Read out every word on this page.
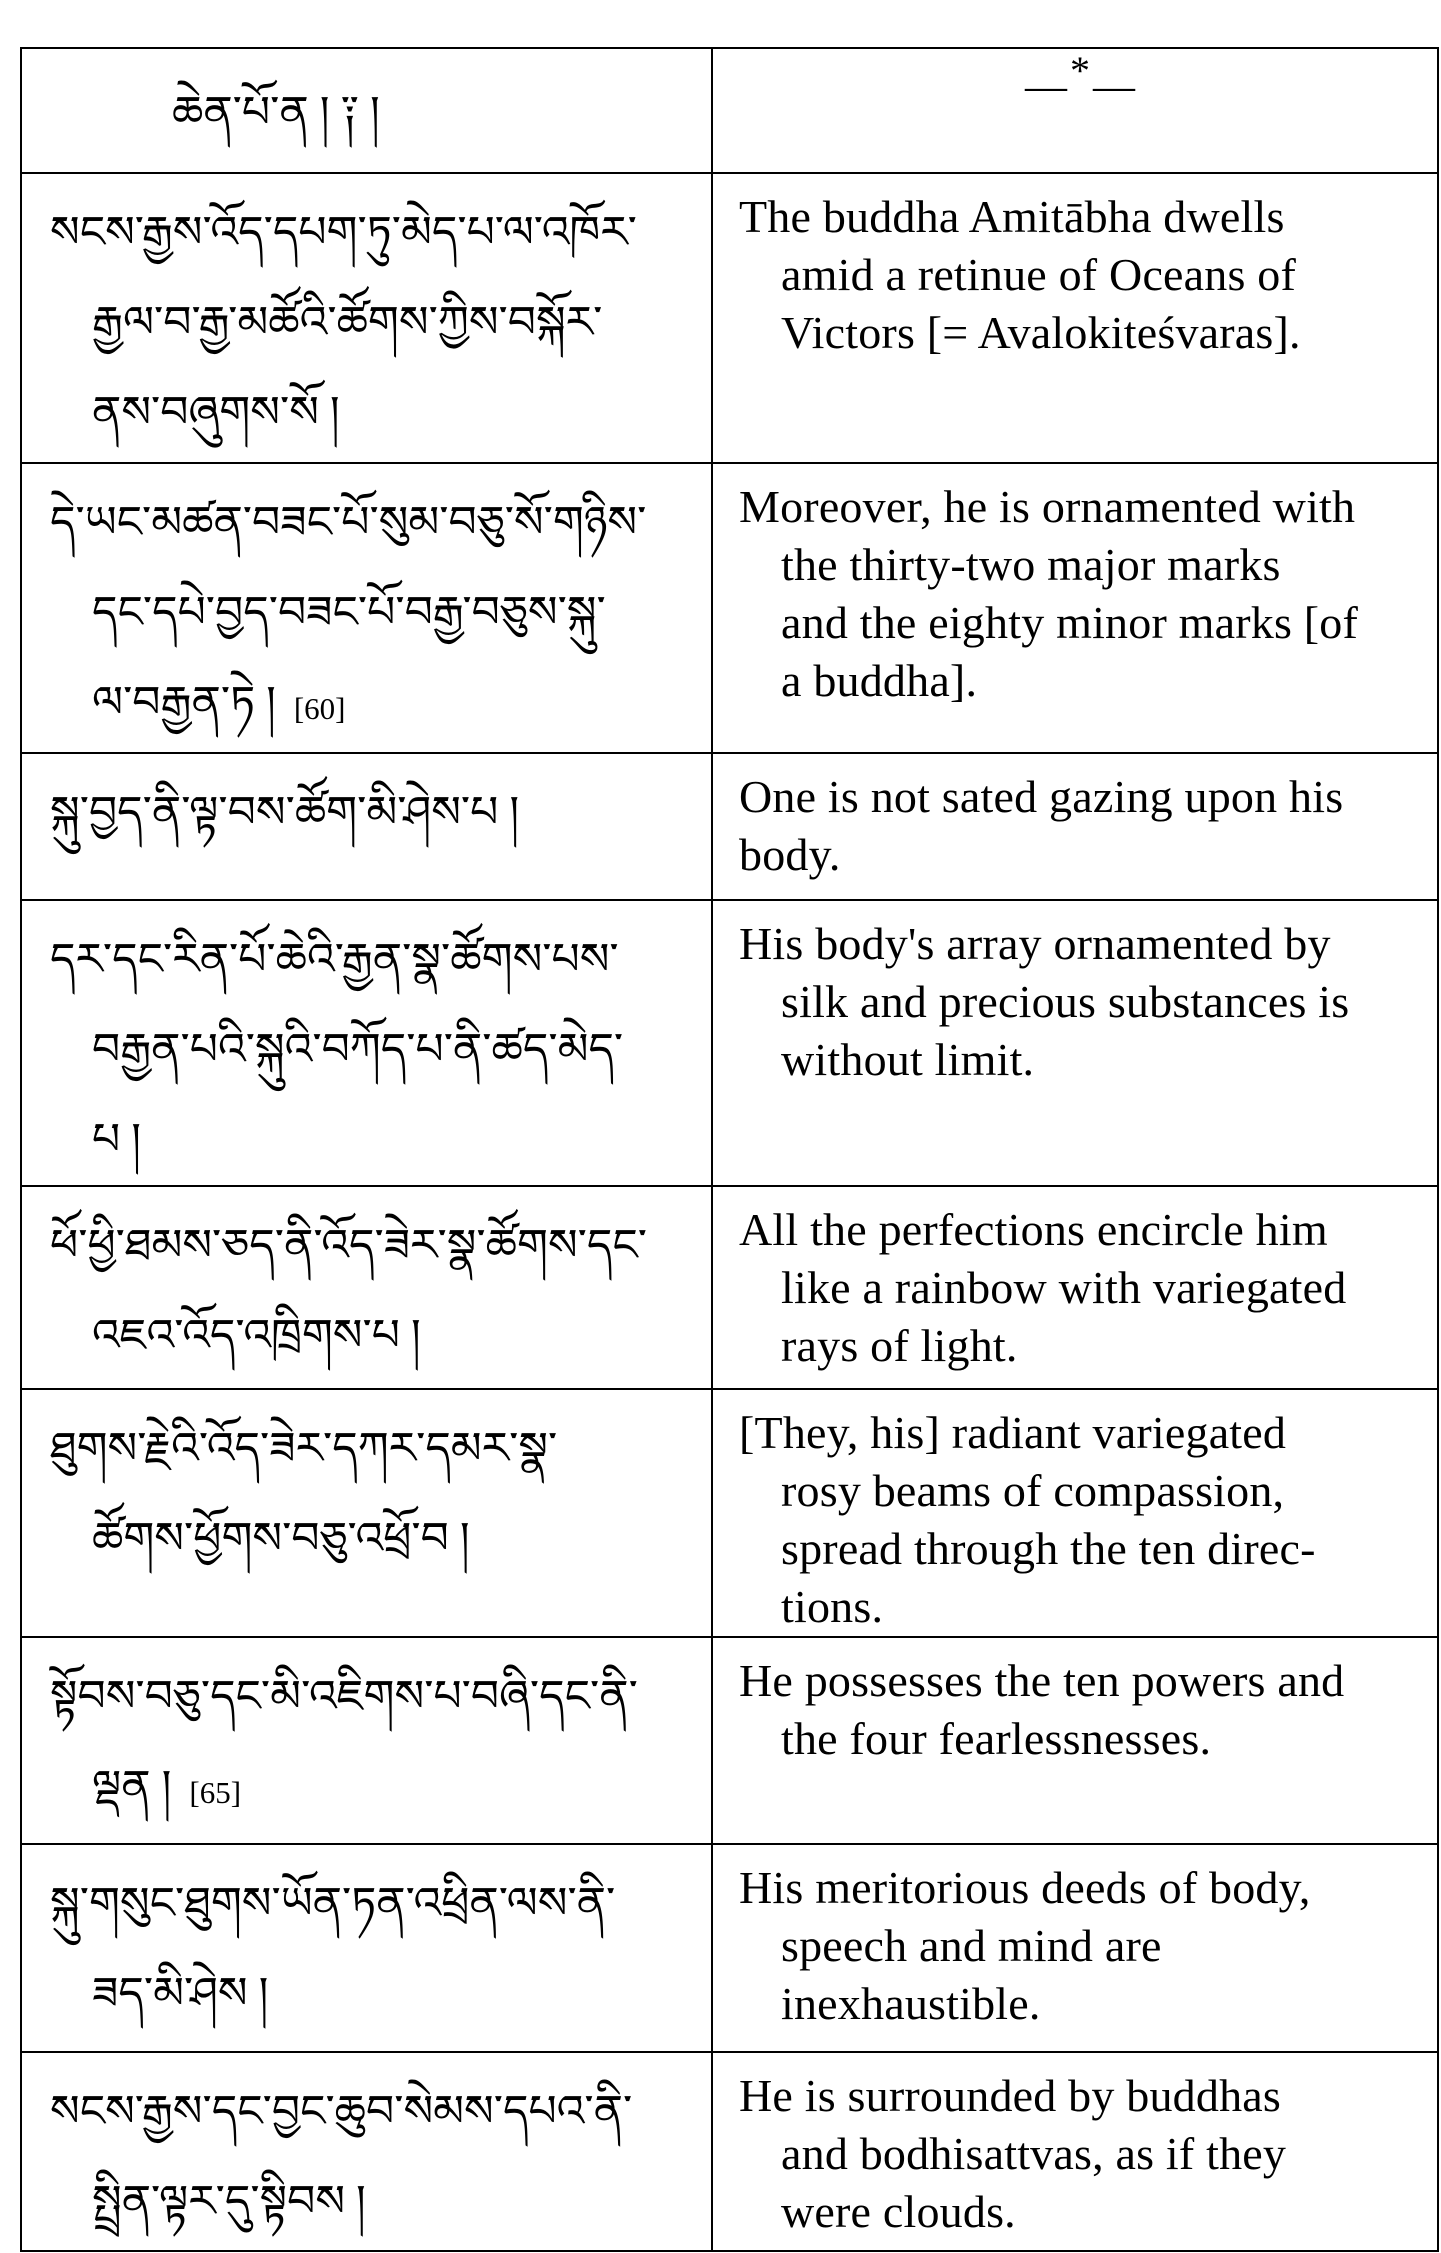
ཆེན་པོ་ན ། ༑ །
—*—
སངས་རྒྱས་འོད་དཔག་ཏུ་མེད་པ་ལ་འཁོར་
རྒྱལ་བ་རྒྱ་མཚོའི་ཚོགས་ཀྱིས་བསྐོར་
ནས་བཞུགས་སོ །
The buddha Amitābha dwells
amid a retinue of Oceans of
Victors [= Avalokiteśvaras].
དེ་ཡང་མཚན་བཟང་པོ་སུམ་བཅུ་སོ་གཉིས་
དང་དཔེ་བྱད་བཟང་པོ་བརྒྱ་བཅུས་སྐུ་
ལ་བརྒྱན་ཏེ ། [60]
Moreover, he is ornamented with
the thirty-two major marks
and the eighty minor marks [of
a buddha].
སྐུ་བྱད་ནི་ལྟ་བས་ཚོག་མི་ཤེས་པ །	One is not sated gazing upon his
body.
དར་དང་རིན་པོ་ཆེའི་རྒྱན་སྣ་ཚོགས་པས་
བརྒྱན་པའི་སྐུའི་བཀོད་པ་ནི་ཚད་མེད་
པ །
His body's array ornamented by
silk and precious substances is
without limit.
ཕོ་ཕྱི་ཐམས་ཅད་ནི་འོད་ཟེར་སྣ་ཚོགས་དང་
འཇའ་འོད་འཁྲིགས་པ །
All the perfections encircle him
like a rainbow with variegated
rays of light.
ཐུགས་རྗེའི་འོད་ཟེར་དཀར་དམར་སྣ་
ཚོགས་ཕྱོགས་བཅུ་འཕྲོ་བ །
[They, his] radiant variegated
rosy beams of compassion,
spread through the ten direc-
tions.
སྟོབས་བཅུ་དང་མི་འཇིགས་པ་བཞི་དང་ནི་
ལྡན ། [65]
He possesses the ten powers and
the four fearlessnesses.
སྐུ་གསུང་ཐུགས་ཡོན་ཏན་འཕྲིན་ལས་ནི་
ཟད་མི་ཤེས །
His meritorious deeds of body,
speech and mind are
inexhaustible.
སངས་རྒྱས་དང་བྱང་ཆུབ་སེམས་དཔའ་ནི་
སྤྲིན་ལྟར་དུ་སྟིབས །
He is surrounded by buddhas
and bodhisattvas, as if they
were clouds.
